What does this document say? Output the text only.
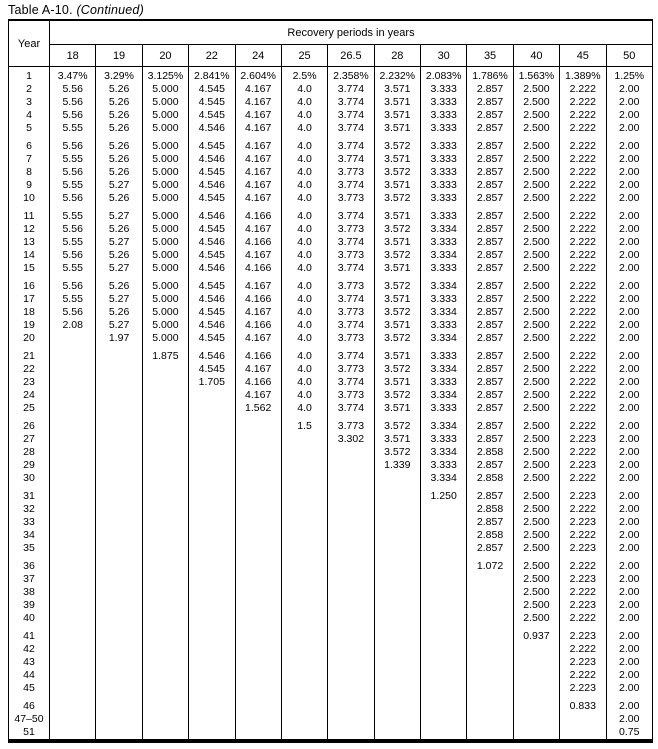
Table A-10. (Continued)

Year	Recovery periods in years												
	18	19	20	22	24	25	26.5	28	30	35	40	45	50
1	3.47%	3.29%	3.125%	2.841%	2.604%	2.5%	2.358%	2.232%	2.083%	1.786%	1.563%	1.389%	1.25%
2	5.56	5.26	5.000	4.545	4.167	4.0	3.774	3.571	3.333	2.857	2.500	2.222	2.00
3	5.56	5.26	5.000	4.545	4.167	4.0	3.774	3.571	3.333	2.857	2.500	2.222	2.00
4	5.56	5.26	5.000	4.545	4.167	4.0	3.774	3.571	3.333	2.857	2.500	2.222	2.00
5	5.55	5.26	5.000	4.546	4.167	4.0	3.774	3.571	3.333	2.857	2.500	2.222	2.00

6	5.56	5.26	5.000	4.545	4.167	4.0	3.774	3.572	3.333	2.857	2.500	2.222	2.00
7	5.55	5.26	5.000	4.546	4.167	4.0	3.774	3.571	3.333	2.857	2.500	2.222	2.00
8	5.56	5.26	5.000	4.545	4.167	4.0	3.773	3.572	3.333	2.857	2.500	2.222	2.00
9	5.55	5.27	5.000	4.546	4.167	4.0	3.774	3.571	3.333	2.857	2.500	2.222	2.00
10	5.56	5.26	5.000	4.545	4.167	4.0	3.773	3.572	3.333	2.857	2.500	2.222	2.00

11	5.55	5.27	5.000	4.546	4.166	4.0	3.774	3.571	3.333	2.857	2.500	2.222	2.00
12	5.56	5.26	5.000	4.545	4.167	4.0	3.773	3.572	3.334	2.857	2.500	2.222	2.00
13	5.55	5.27	5.000	4.546	4.166	4.0	3.774	3.571	3.333	2.857	2.500	2.222	2.00
14	5.56	5.26	5.000	4.545	4.167	4.0	3.773	3.572	3.334	2.857	2.500	2.222	2.00
15	5.55	5.27	5.000	4.546	4.166	4.0	3.774	3.571	3.333	2.857	2.500	2.222	2.00

16	5.56	5.26	5.000	4.545	4.167	4.0	3.773	3.572	3.334	2.857	2.500	2.222	2.00
17	5.55	5.27	5.000	4.546	4.166	4.0	3.774	3.571	3.333	2.857	2.500	2.222	2.00
18	5.56	5.26	5.000	4.545	4.167	4.0	3.773	3.572	3.334	2.857	2.500	2.222	2.00
19	2.08	5.27	5.000	4.546	4.166	4.0	3.774	3.571	3.333	2.857	2.500	2.222	2.00
20		1.97	5.000	4.545	4.167	4.0	3.773	3.572	3.334	2.857	2.500	2.222	2.00

21			1.875	4.546	4.166	4.0	3.774	3.571	3.333	2.857	2.500	2.222	2.00
22				4.545	4.167	4.0	3.773	3.572	3.334	2.857	2.500	2.222	2.00
23				1.705	4.166	4.0	3.774	3.571	3.333	2.857	2.500	2.222	2.00
24					4.167	4.0	3.773	3.572	3.334	2.857	2.500	2.222	2.00
25					1.562	4.0	3.774	3.571	3.333	2.857	2.500	2.222	2.00

26						1.5	3.773	3.572	3.334	2.857	2.500	2.222	2.00
27							3.302	3.571	3.333	2.857	2.500	2.223	2.00
28								3.572	3.334	2.858	2.500	2.222	2.00
29								1.339	3.333	2.857	2.500	2.223	2.00
30									3.334	2.858	2.500	2.222	2.00

31									1.250	2.857	2.500	2.223	2.00
32										2.858	2.500	2.222	2.00
33										2.857	2.500	2.223	2.00
34										2.858	2.500	2.222	2.00
35										2.857	2.500	2.223	2.00

36										1.072	2.500	2.222	2.00
37											2.500	2.223	2.00
38											2.500	2.222	2.00
39											2.500	2.223	2.00
40											2.500	2.222	2.00

41											0.937	2.223	2.00
42												2.222	2.00
43												2.223	2.00
44												2.222	2.00
45												2.223	2.00

46												0.833	2.00
47–50													2.00
51													0.75
